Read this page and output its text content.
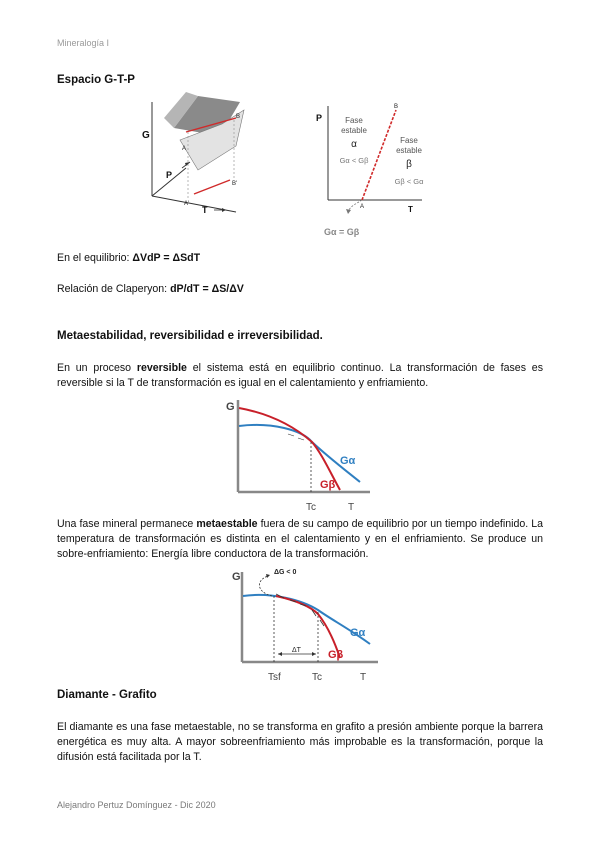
Mineralogía I
Espacio G-T-P
G
P
T
A
B
B'
A'
P
T
B
A
Fase
estable
α
Gα < Gβ
Fase
estable
β
Gβ < Gα
Gα = Gβ
En el equilibrio: ΔVdP = ΔSdT
Relación de Claperyon: dP/dT = ΔS/ΔV
Metaestabilidad, reversibilidad e irreversibilidad.
En un proceso reversible el sistema está en equilibrio continuo. La transformación de fases es reversible si la T de transformación es igual en el calentamiento y enfriamiento.
G
T
Tc
Gα
Gβ
Una fase mineral permanece metaestable fuera de su campo de equilibrio por un tiempo indefinido. La temperatura de transformación es distinta en el calentamiento y en el enfriamiento. Se produce un sobre-enfriamiento: Energía libre conductora de la transformación.
G	ΔG < 0
ΔT
Tsf	Tc	T
Gα
Gβ
Diamante - Grafito
El diamante es una fase metaestable, no se transforma en grafito a presión ambiente porque la barrera energética es muy alta. A mayor sobreenfriamiento más improbable es la transformación, porque la difusión está facilitada por la T.
Alejandro Pertuz Domínguez - Dic 2020
